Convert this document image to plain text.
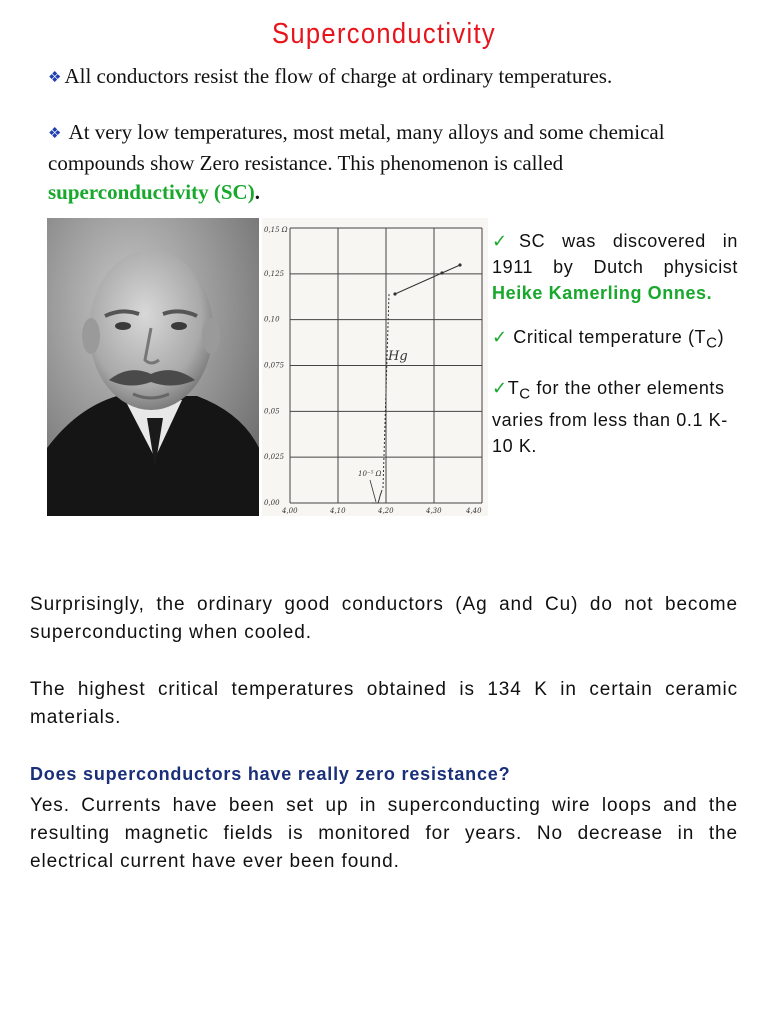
Superconductivity

❖ All conductors resist the flow of charge at ordinary temperatures.

❖ At very low temperatures, most metal, many alloys and some chemical compounds show Zero resistance. This phenomenon is called superconductivity (SC).

0,15 Ω
0,125
0,10
0,075
0,05
0,025
0,00
4,00	4,10	4,20	4,30	4,40
Hg
10⁻⁵ Ω

✓SC was discovered in 1911 by Dutch physicist Heike Kamerling Onnes.

✓ Critical temperature $(T_C)$

$✓T_C$ for the other elements varies from less than 0.1 K-10 K.

Surprisingly, the ordinary good conductors (Ag and Cu) do not become superconducting when cooled.

The highest critical temperatures obtained is 134 K in certain ceramic materials.

Does superconductors have really zero resistance?

Yes. Currents have been set up in superconducting wire loops and the resulting magnetic fields is monitored for years. No decrease in the electrical current have ever been found.
